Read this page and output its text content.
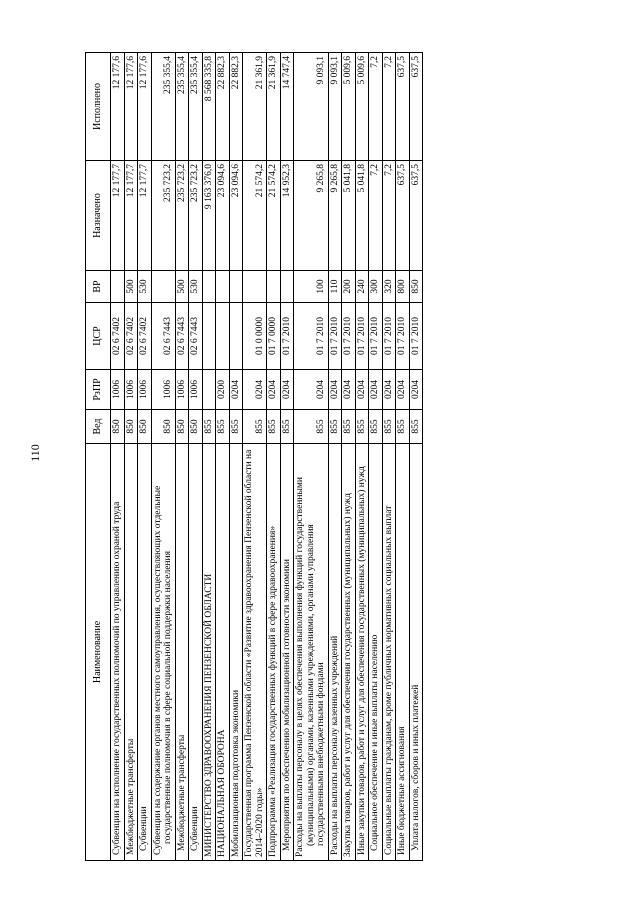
110
Наименование	Вед	РзПР	ЦСР	ВР	Назначено	Исполнено
Субвенции на исполнение государственных полномочий по управлению охраной труда	850	1006	02 6 7402		12 177,7	12 177,6
Межбюджетные трансферты	850	1006	02 6 7402	500	12 177,7	12 177,6
Субвенции	850	1006	02 6 7402	530	12 177,7	12 177,6
Субвенции на содержание органов местного самоуправления, осуществляющих отдельные государственные полномочия в сфере социальной поддержки населения	850	1006	02 6 7443		235 723,2	235 355,4
Межбюджетные трансферты	850	1006	02 6 7443	500	235 723,2	235 355,4
Субвенции	850	1006	02 6 7443	530	235 723,2	235 355,4
МИНИСТЕРСТВО ЗДРАВООХРАНЕНИЯ ПЕНЗЕНСКОЙ ОБЛАСТИ	855				9 163 376,0	8 568 335,8
НАЦИОНАЛЬНАЯ ОБОРОНА	855	0200			23 094,6	22 882,3
Мобилизационная подготовка экономики	855	0204			23 094,6	22 882,3
Государственная программа Пензенской области «Развитие здравоохранения Пензенской области на 2014–2020 годы»	855	0204	01 0 0000		21 574,2	21 361,9
Подпрограмма «Реализация государственных функций в сфере здравоохранения»	855	0204	01 7 0000		21 574,2	21 361,9
Мероприятия по обеспечению мобилизационной готовности экономики	855	0204	01 7 2010		14 952,3	14 747,4
Расходы на выплаты персоналу в целях обеспечения выполнения функций государственными (муниципальными) органами, казенными учреждениями, органами управления государственными внебюджетными фондами	855	0204	01 7 2010	100	9 265,8	9 093,1
Расходы на выплаты персоналу казенных учреждений	855	0204	01 7 2010	110	9 265,8	9 093,1
Закупка товаров, работ и услуг для обеспечения государственных (муниципальных) нужд	855	0204	01 7 2010	200	5 041,8	5 009,6
Иные закупки товаров, работ и услуг для обеспечения государственных (муниципальных) нужд	855	0204	01 7 2010	240	5 041,8	5 009,6
Социальное обеспечение и иные выплаты населению	855	0204	01 7 2010	300	7,2	7,2
Социальные выплаты гражданам, кроме публичных нормативных социальных выплат	855	0204	01 7 2010	320	7,2	7,2
Иные бюджетные ассигнования	855	0204	01 7 2010	800	637,5	637,5
Уплата налогов, сборов и иных платежей	855	0204	01 7 2010	850	637,5	637,5
